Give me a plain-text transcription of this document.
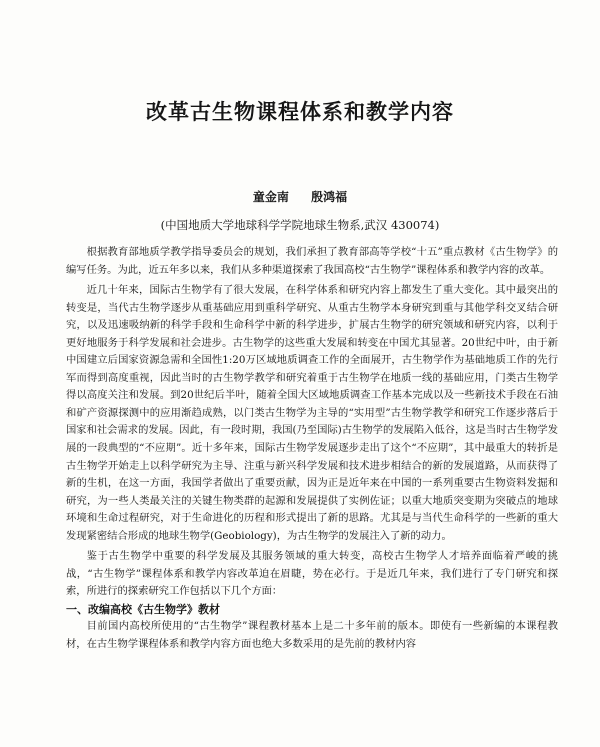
改革古生物课程体系和教学内容
童金南 殷鸿福
(中国地质大学地球科学学院地球生物系,武汉 430074)

根据教育部地质学教学指导委员会的规划，我们承担了教育部高等学校“十五”重点教材《古生物学》的编写任务。为此，近五年多以来，我们从多种渠道探索了我国高校“古生物学”课程体系和教学内容的改革。

近几十年来，国际古生物学有了很大发展，在科学体系和研究内容上都发生了重大变化。其中最突出的转变是，当代古生物学逐步从重基础应用到重科学研究、从重古生物学本身研究到重与其他学科交叉结合研究，以及迅速吸纳新的科学手段和生命科学中新的科学进步，扩展古生物学的研究领域和研究内容，以利于更好地服务于科学发展和社会进步。古生物学的这些重大发展和转变在中国尤其显著。20世纪中叶，由于新中国建立后国家资源急需和全国性1:20万区域地质调查工作的全面展开，古生物学作为基础地质工作的先行军而得到高度重视，因此当时的古生物学教学和研究着重于古生物学在地质一线的基础应用，门类古生物学得以高度关注和发展。到20世纪后半叶，随着全国大区域地质调查工作基本完成以及一些新技术手段在石油和矿产资源探测中的应用渐趋成熟，以门类古生物学为主导的“实用型”古生物学教学和研究工作逐步落后于国家和社会需求的发展。因此，有一段时期，我国(乃至国际)古生物学的发展陷入低谷，这是当时古生物学发展的一段典型的“不应期”。近十多年来，国际古生物学发展逐步走出了这个“不应期”，其中最重大的转折是古生物学开始走上以科学研究为主导、注重与新兴科学发展和技术进步相结合的新的发展道路，从而获得了新的生机，在这一方面，我国学者做出了重要贡献，因为正是近年来在中国的一系列重要古生物资料发掘和研究，为一些人类最关注的关键生物类群的起源和发展提供了实例佐证；以重大地质突变期为突破点的地球环境和生命过程研究，对于生命进化的历程和形式提出了新的思路。尤其是与当代生命科学的一些新的重大发现紧密结合形成的地球生物学(Geobiology)，为古生物学的发展注入了新的动力。

鉴于古生物学中重要的科学发展及其服务领域的重大转变，高校古生物学人才培养面临着严峻的挑战，“古生物学”课程体系和教学内容改革迫在眉睫，势在必行。于是近几年来，我们进行了专门研究和探索，所进行的探索研究工作包括以下几个方面：

一、改编高校《古生物学》教材

目前国内高校所使用的“古生物学”课程教材基本上是二十多年前的版本。即使有一些新编的本课程教材，在古生物学课程体系和教学内容方面也绝大多数采用的是先前的教材内容
